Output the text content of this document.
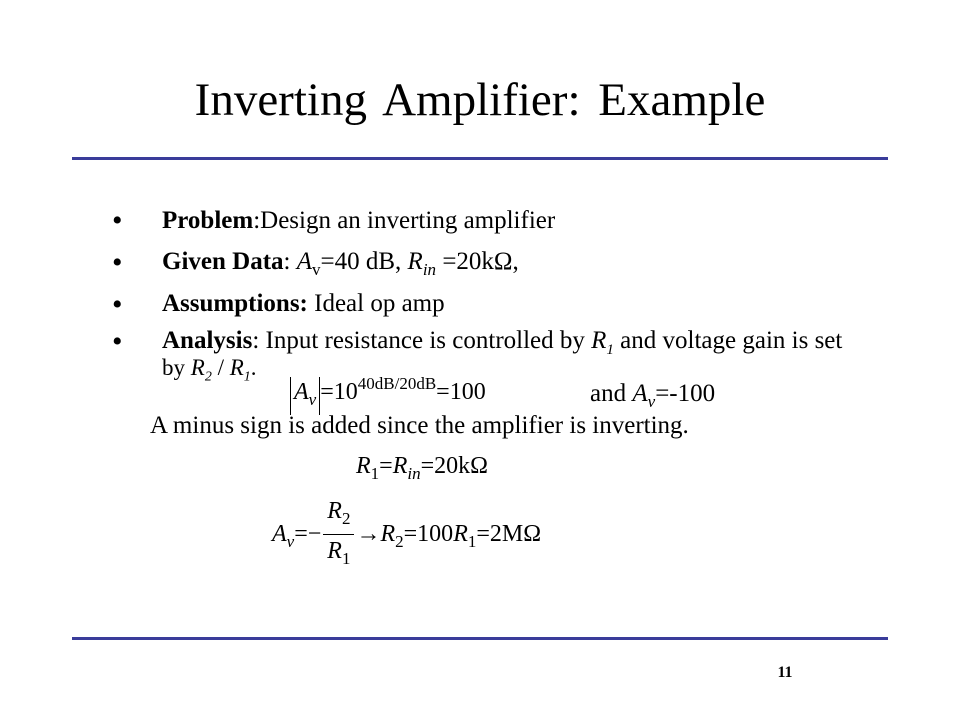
Inverting Amplifier: Example
• Problem:Design an inverting amplifier
• Given Data: $A_v=40$ dB, $R_{in} =20k\Omega$,
• Assumptions: Ideal op amp
• Analysis: Input resistance is controlled by $R_1$ and voltage gain is set
by $R_2 / R_1$.
$A_v =10^{40dB/20dB}=100$	and $A_v=-100$
A minus sign is added since the amplifier is inverting.
$R_1=R_{in}=20k\Omega$
$A_v=- \frac{R_2}{R_1} \to R_2=100R_1=2M\Omega$
11
